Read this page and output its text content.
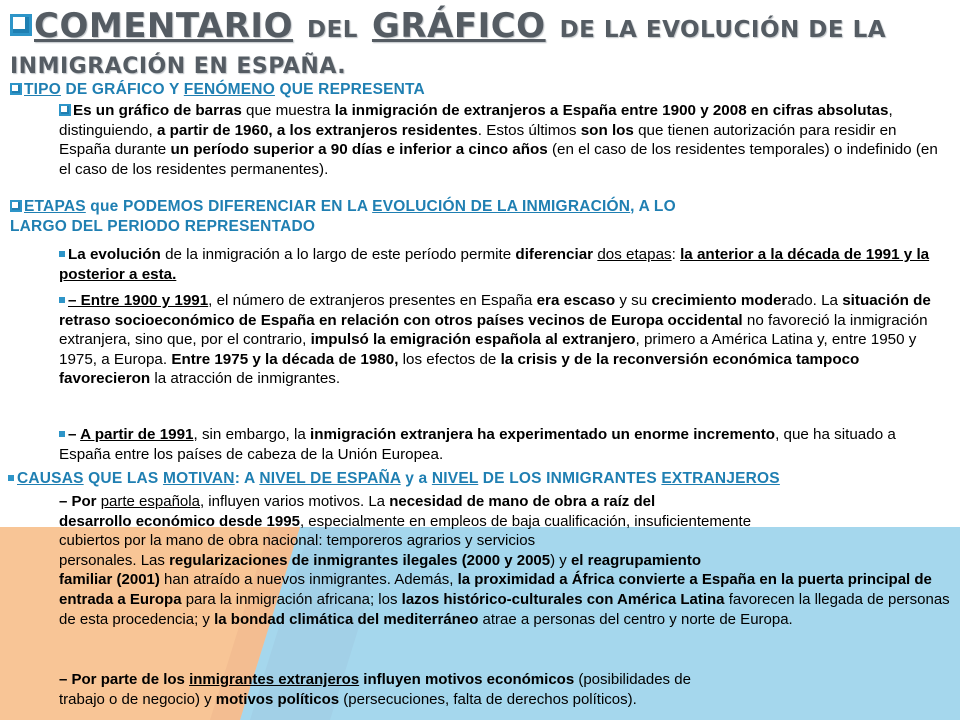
COMENTARIO DEL GRÁFICO DE LA EVOLUCIÓN DE LA
INMIGRACIÓN EN ESPAÑA.
TIPO DE GRÁFICO Y FENÓMENO QUE REPRESENTA

Es un gráfico de barras que muestra la inmigración de extranjeros a España entre 1900 y 2008 en cifras absolutas, distinguiendo, a partir de 1960, a los extranjeros residentes. Estos últimos son los que tienen autorización para residir en España durante un período superior a 90 días e inferior a cinco años (en el caso de los residentes temporales) o indefinido (en el caso de los residentes permanentes).

ETAPAS que PODEMOS DIFERENCIAR EN LA EVOLUCIÓN DE LA INMIGRACIÓN, A LO
LARGO DEL PERIODO REPRESENTADO

La evolución de la inmigración a lo largo de este período permite diferenciar dos etapas: la anterior a la década de 1991 y la posterior a esta.

– Entre 1900 y 1991, el número de extranjeros presentes en España era escaso y su crecimiento moderado. La situación de retraso socioeconómico de España en relación con otros países vecinos de Europa occidental no favoreció la inmigración extranjera, sino que, por el contrario, impulsó la emigración española al extranjero, primero a América Latina y, entre 1950 y 1975, a Europa. Entre 1975 y la década de 1980, los efectos de la crisis y de la reconversión económica tampoco favorecieron la atracción de inmigrantes.

– A partir de 1991, sin embargo, la inmigración extranjera ha experimentado un enorme incremento, que ha situado a España entre los países de cabeza de la Unión Europea.

CAUSAS QUE LAS MOTIVAN: A NIVEL DE ESPAÑA y a NIVEL DE LOS INMIGRANTES EXTRANJEROS

– Por parte española, influyen varios motivos. La necesidad de mano de obra a raíz del
desarrollo económico desde 1995, especialmente en empleos de baja cualificación, insuficientemente
cubiertos por la mano de obra nacional: temporeros agrarios y servicios
personales. Las regularizaciones de inmigrantes ilegales (2000 y 2005) y el reagrupamiento
familiar (2001) han atraído a nuevos inmigrantes. Además, la proximidad a África convierte a España en la puerta principal de entrada a Europa para la inmigración africana; los lazos histórico-culturales con América Latina favorecen la llegada de personas de esta procedencia; y la bondad climática del mediterráneo atrae a personas del centro y norte de Europa.

– Por parte de los inmigrantes extranjeros influyen motivos económicos (posibilidades de
trabajo o de negocio) y motivos políticos (persecuciones, falta de derechos políticos).
